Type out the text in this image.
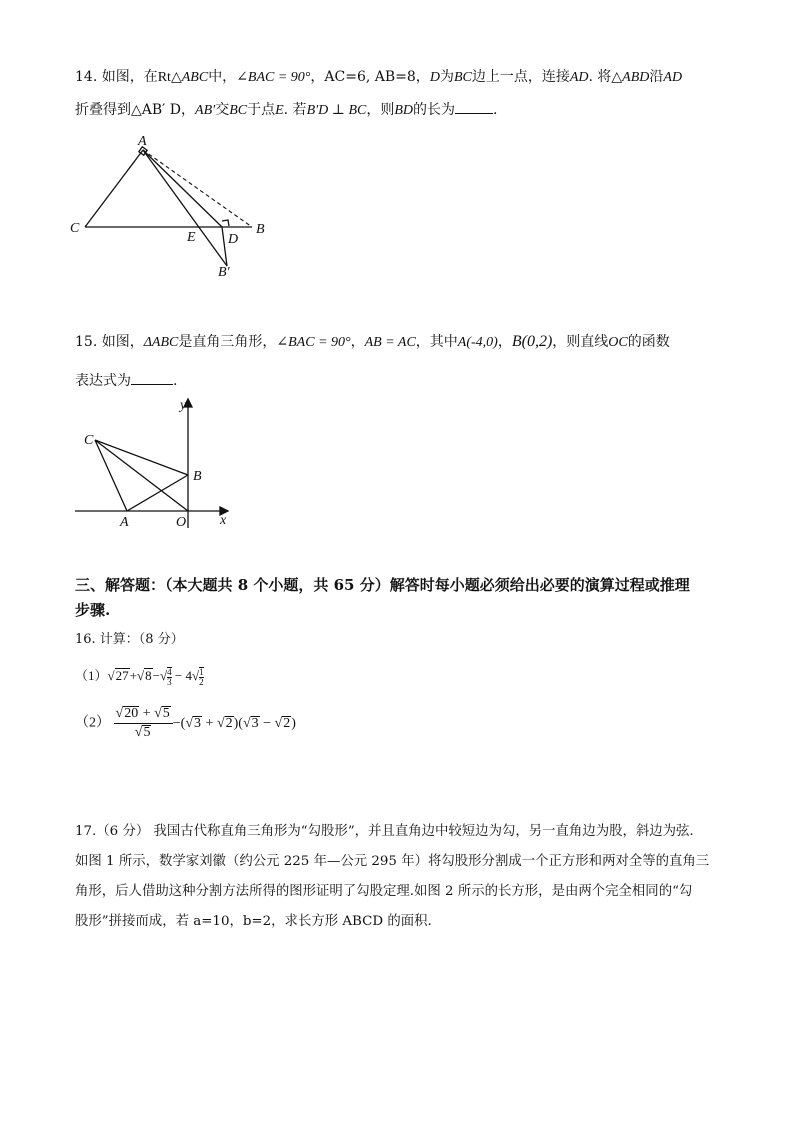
14. 如图，在Rt△ABC中，∠BAC = 90°，AC=6, AB=8，D为BC边上一点，连接AD. 将△ABD沿AD
折叠得到△AB′ D，AB′交BC于点E. 若B′D ⊥ BC，则BD的长为	.
A
B
C
D
E
B′
15. 如图，ΔABC是直角三角形，∠BAC = 90°，AB = AC，其中A(-4,0)，B(0,2)，则直线OC的函数
表达式为	.
y
x
C
B
A	O
三、解答题：（本大题共 8 个小题，共 65 分）解答时每小题必须给出必要的演算过程或推理
步骤.
16. 计算：（8 分）
$(1)√27+√8-√ \frac{4}{3} - 4√ \frac{1}{2}$
$(2) \frac{√20 + √5}{√5} -(√3 + √2)(√3 - √2)$
17.（6 分） 我国古代称直角三角形为“勾股形”，并且直角边中较短边为勾，另一直角边为股，斜边为弦.
如图 1 所示，数学家刘徽（约公元 225 年—公元 295 年）将勾股形分割成一个正方形和两对全等的直角三
角形，后人借助这种分割方法所得的图形证明了勾股定理.如图 2 所示的长方形，是由两个完全相同的“勾
股形”拼接而成，若 a=10，b=2，求长方形 ABCD 的面积.
